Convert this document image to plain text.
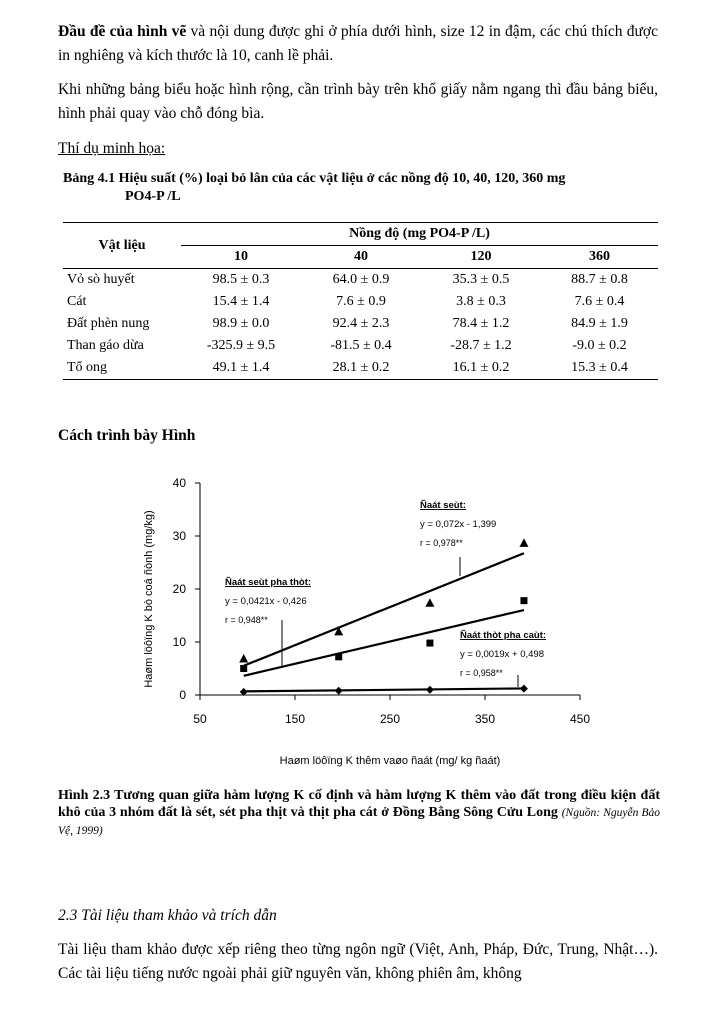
Đầu đề của hình vẽ và nội dung được ghi ở phía dưới hình, size 12 in đậm, các chú thích được in nghiêng và kích thước là 10, canh lề phải.

Khi những bảng biểu hoặc hình rộng, cần trình bày trên khổ giấy nằm ngang thì đầu bảng biểu, hình phải quay vào chỗ đóng bìa.

Thí dụ minh họa:

Bảng 4.1 Hiệu suất (%) loại bỏ lân của các vật liệu ở các nồng độ 10, 40, 120, 360 mg
PO4-P /L
Vật liệu	Nồng độ (mg PO4-P /L)			
	10	40	120	360
Vỏ sò huyết	98.5 ± 0.3	64.0 ± 0.9	35.3 ± 0.5	88.7 ± 0.8
Cát	15.4 ± 1.4	7.6 ± 0.9	3.8 ± 0.3	7.6 ± 0.4
Đất phèn nung	98.9 ± 0.0	92.4 ± 2.3	78.4 ± 1.2	84.9 ± 1.9
Than gáo dừa	-325.9 ± 9.5	-81.5 ± 0.4	-28.7 ± 1.2	-9.0 ± 0.2
Tổ ong	49.1 ± 1.4	28.1 ± 0.2	16.1 ± 0.2	15.3 ± 0.4
Cách trình bày Hình
0
10
20
30
40
50	150	250	350	450
Haøm löôïng K thêm vaøo ñaát (mg/ kg ñaát)
Haøm löôïng K bò coá ñònh (mg/kg)
Ñaát seùt:
y = 0,072x - 1,399
r = 0,978**
Ñaát seùt pha thòt:
y = 0,0421x - 0,426
r = 0,948**
Ñaát thòt pha caùt:
y = 0,0019x + 0,498
r = 0,958**

Hình 2.3 Tương quan giữa hàm lượng K cố định và hàm lượng K thêm vào đất trong điều kiện đất khô của 3 nhóm đất là sét, sét pha thịt và thịt pha cát ở Đồng Bằng Sông Cửu Long (Nguồn: Nguyễn Bảo Vệ, 1999)

2.3 Tài liệu tham khảo và trích dẫn

Tài liệu tham khảo được xếp riêng theo từng ngôn ngữ (Việt, Anh, Pháp, Đức, Trung, Nhật…). Các tài liệu tiếng nước ngoài phải giữ nguyên văn, không phiên âm, không
